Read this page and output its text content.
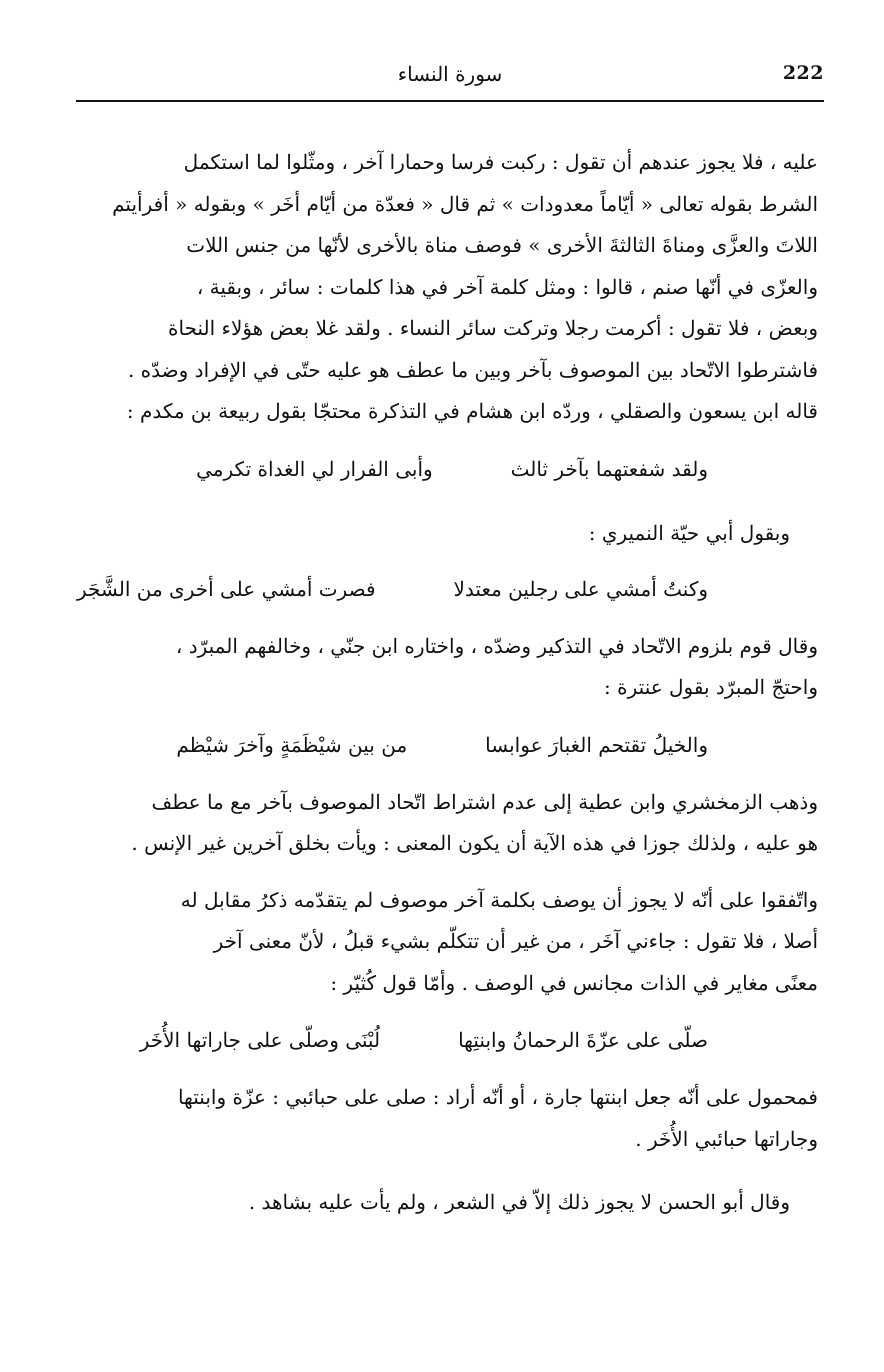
222
سورة النساء

عليه ، فلا يجوز عندهم أن تقول : ركبت فرسا وحمارا آخر ، ومثّلوا لما استكمل
الشرط بقوله تعالى « أيّاماً معدودات » ثم قال « فعدّة من أيّام أخَر » وبقوله « أفرأيتم
اللاتَ والعزَّى ومناةَ الثالثةَ الأخرى » فوصف مناة بالأخرى لأنّها من جنس اللات
والعزّى في أنّها صنم ، قالوا : ومثل كلمة آخر في هذا كلمات : سائر ، وبقية ،
وبعض ، فلا تقول : أكرمت رجلا وتركت سائر النساء . ولقد غلا بعض هؤلاء النحاة
فاشترطوا الاتّحاد بين الموصوف بآخر وبين ما عطف هو عليه حتّى في الإفراد وضدّه .
قاله ابن يسعون والصقلي ، وردّه ابن هشام في التذكرة محتجّا بقول ربيعة بن مكدم :

ولقد شفعتهما بآخر ثالث
وأبى الفرار لي الغداة تكرمي

وبقول أبي حيّة النميري :

وكنتُ أمشي على رجلين معتدلا
فصرت أمشي على أخرى من الشَّجَر

وقال قوم بلزوم الاتّحاد في التذكير وضدّه ، واختاره ابن جنّي ، وخالفهم المبرّد ،
واحتجّ المبرّد بقول عنترة :

والخيلُ تقتحم الغبارَ عوابسا
من بين شيْظَمَةٍ وآخرَ شيْظم

وذهب الزمخشري وابن عطية إلى عدم اشتراط اتّحاد الموصوف بآخر مع ما عطف
هو عليه ، ولذلك جوزا في هذه الآية أن يكون المعنى : ويأت بخلق آخرين غير الإنس .

واتّفقوا على أنّه لا يجوز أن يوصف بكلمة آخر موصوف لم يتقدّمه ذكرُ مقابل له
أصلا ، فلا تقول : جاءني آخَر ، من غير أن تتكلّم بشيء قبلُ ، لأنّ معنى آخر
معنًى مغاير في الذات مجانس في الوصف . وأمّا قول كُثيّر :

صلّى على عزّةَ الرحمانُ وابنتِها
لُبْنَى وصلّى على جاراتها الأُخَر

فمحمول على أنّه جعل ابنتها جارة ، أو أنّه أراد : صلى على حبائبي : عزّة وابنتها
وجاراتها حبائبي الأُخَر .

وقال أبو الحسن لا يجوز ذلك إلاّ في الشعر ، ولم يأت عليه بشاهد .
